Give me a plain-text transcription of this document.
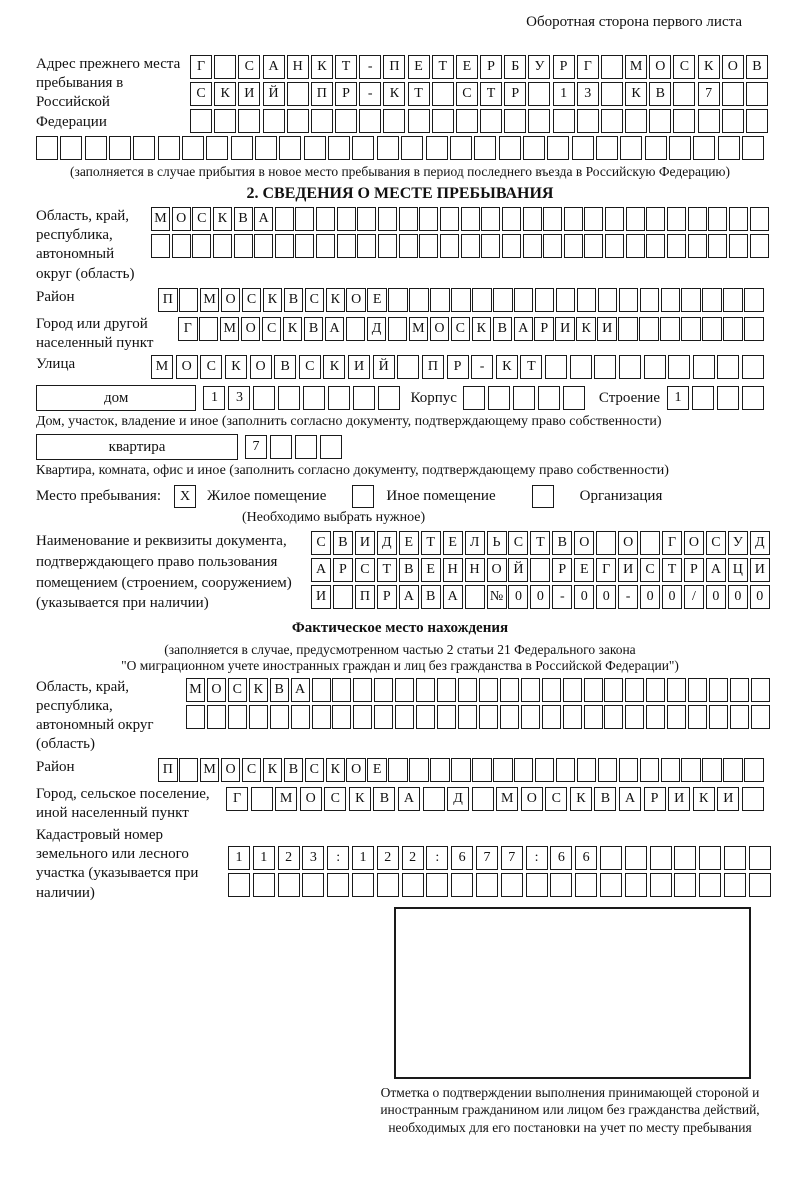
Оборотная сторона первого листа
Адрес прежнего места пребывания в Российской Федерации
Г	С	А	Н	К	Т	-	П	Е	Т	Е	Р	Б	У	Р	Г	М О	С	К	О	В
С	К	И	Й	П	Р	-	К	Т	С	Т	Р	1	3	К	В	7
(заполняется в случае прибытия в новое место пребывания в период последнего въезда в Российскую Федерацию)
2. СВЕДЕНИЯ О МЕСТЕ ПРЕБЫВАНИЯ
Область, край, республика, автономный округ (область)
М О С К В А
Район	П	М О С К В С К О Е
Город или другой населенный пункт
Г	М О С К В А	Д	М О С К В А Р И К И
Улица	М О	С	К	О	В	С	К	И	Й	П	Р	-	К	Т
дом	1	3	Корпус	Строение	1
Дом, участок, владение и иное (заполнить согласно документу, подтверждающему право собственности)
квартира	7
Квартира, комната, офис и иное (заполнить согласно документу, подтверждающему право собственности)
Место пребывания:	X	Жилое помещение	Иное помещение	Организация
(Необходимо выбрать нужное)
Наименование и реквизиты документа, подтверждающего право пользования помещением (строением, сооружением) (указывается при наличии)
С В И Д Е Т Е Л Ь С Т В О	О	Г О С У Д
А Р С Т В Е Н Н О Й	Р Е Г И С Т Р А Ц И
И	П Р А В А	№ 0	0	-	0	0	-	0	0	/	0	0	0
Фактическое место нахождения
(заполняется в случае, предусмотренном частью 2 статьи 21 Федерального закона
"О миграционном учете иностранных граждан и лиц без гражданства в Российской Федерации")
Область, край, республика, автономный округ (область)
М О С К В А
Район	П	М О С К В С К О Е
Город, сельское поселение, иной населенный пункт
Г	М О	С	К	В	А	Д	М О	С	К	В	А	Р	И	К	И
Кадастровый номер земельного или лесного участка (указывается при наличии)
1	1	2	3	:	1	2	2	:	6	7	7	:	6	6
Отметка о подтверждении выполнения принимающей стороной и иностранным гражданином или лицом без гражданства действий, необходимых для его постановки на учет по месту пребывания
